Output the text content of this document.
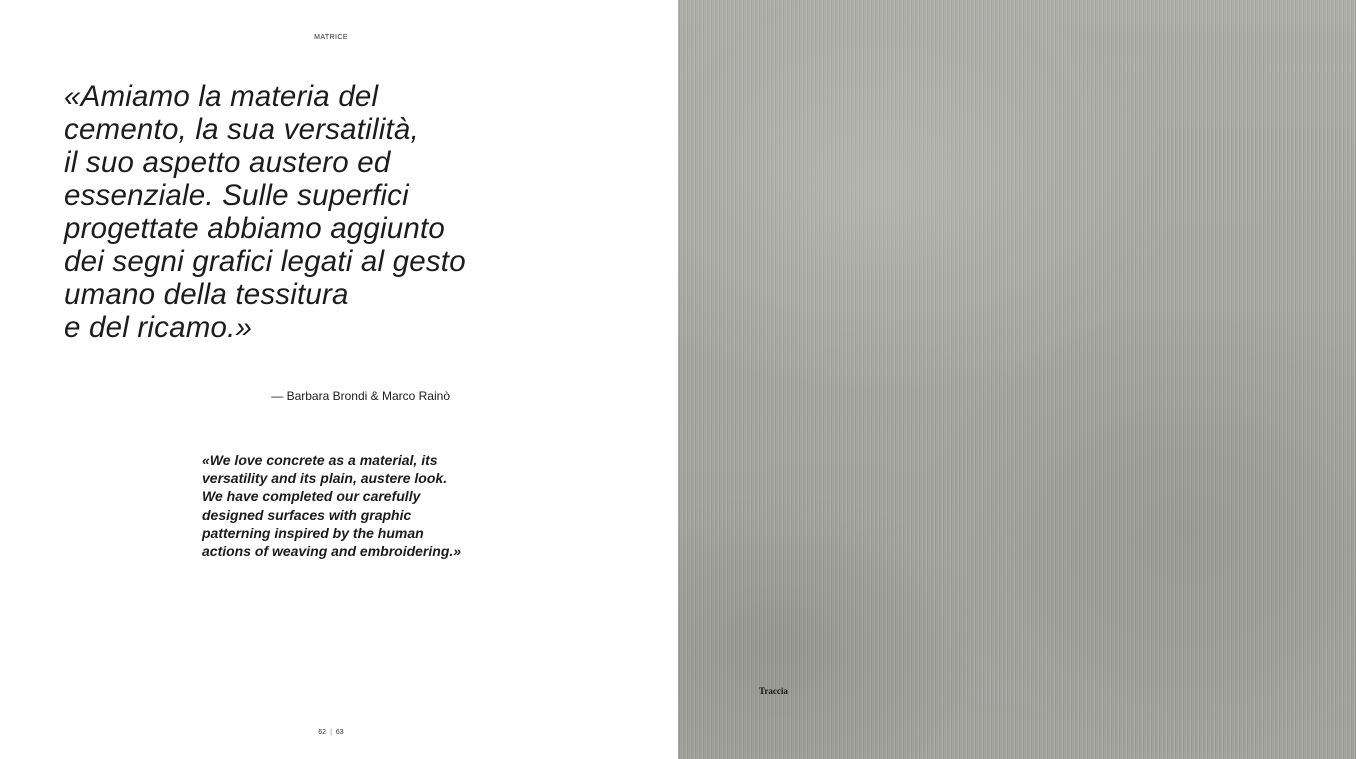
MATRICE
«Amiamo la materia del
cemento, la sua versatilità,
il suo aspetto austero ed
essenziale. Sulle superfici
progettate abbiamo aggiunto
dei segni grafici legati al gesto
umano della tessitura
e del ricamo.»
— Barbara Brondi & Marco Rainò
«We love concrete as a material, its
versatility and its plain, austere look.
We have completed our carefully
designed surfaces with graphic
patterning inspired by the human
actions of weaving and embroidering.»
62 | 63
Traccia
